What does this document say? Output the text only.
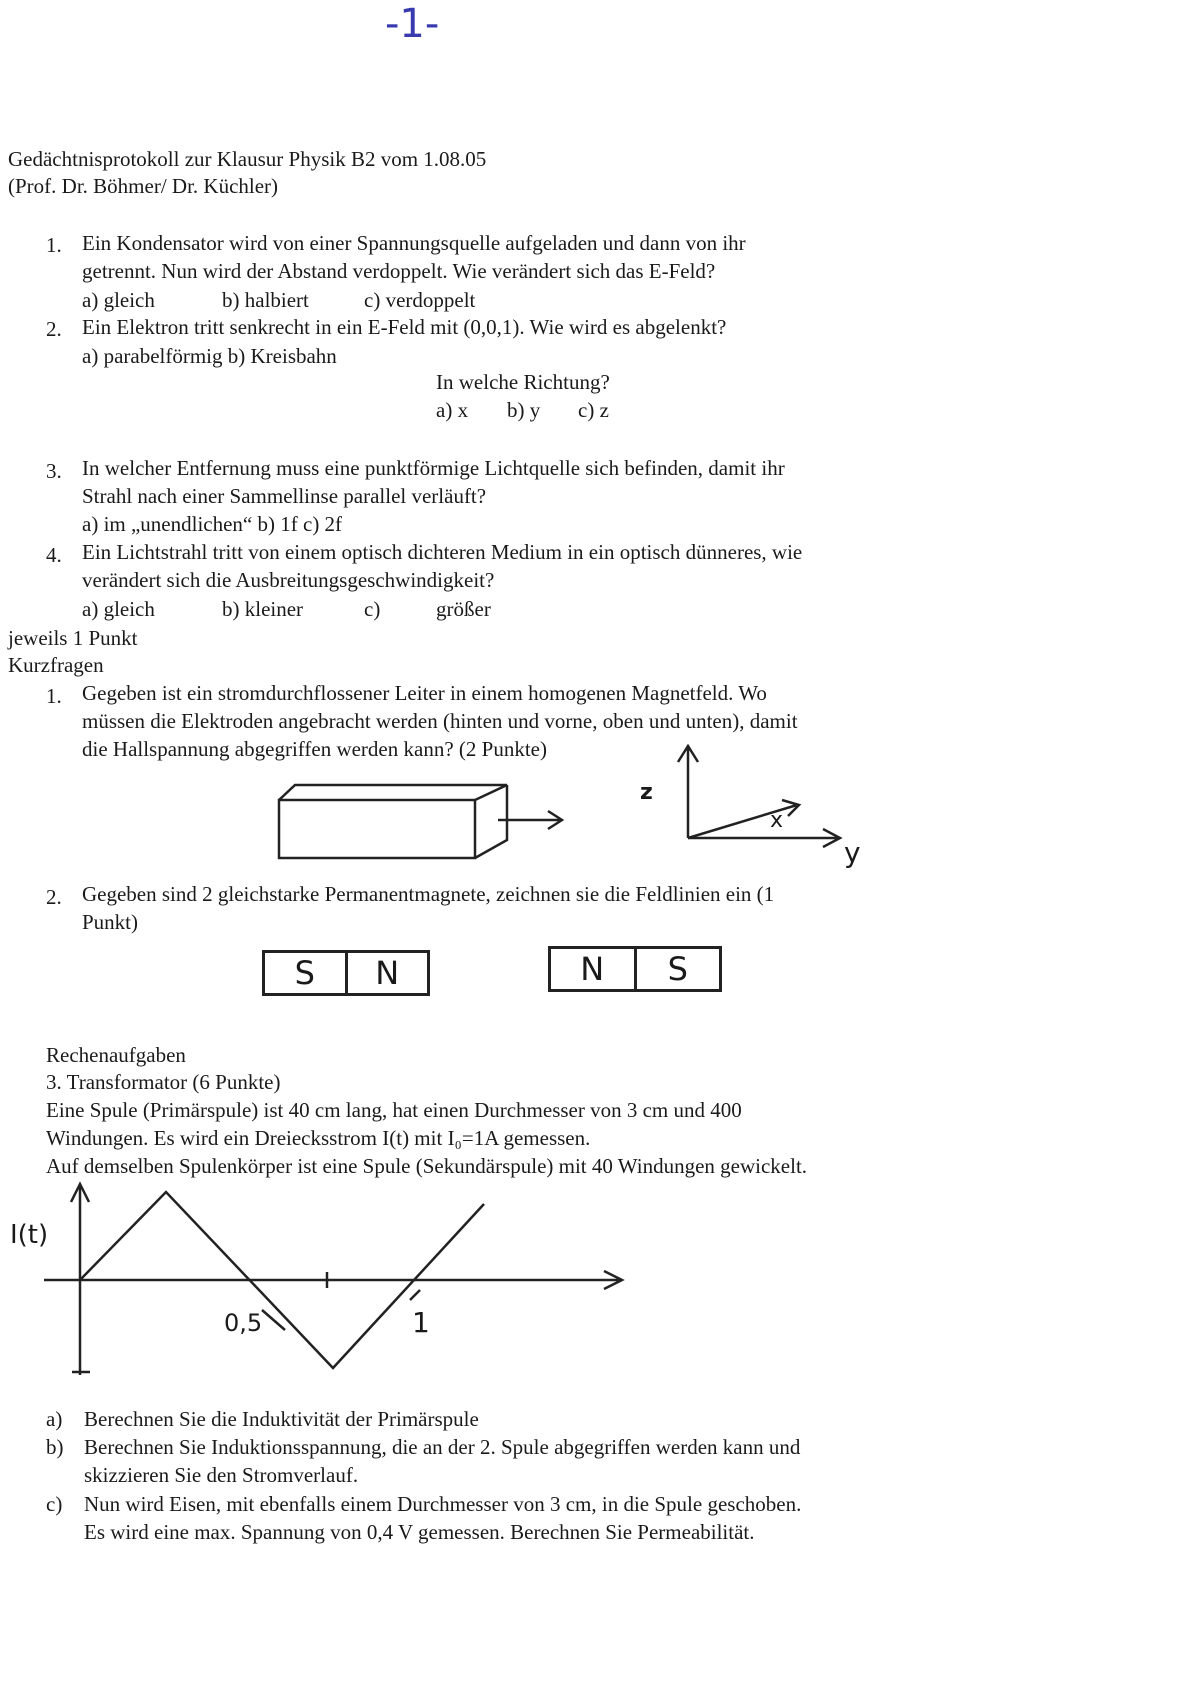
-1-
Gedächtnisprotokoll zur Klausur Physik B2 vom 1.08.05
(Prof. Dr. Böhmer/ Dr. Küchler)
1. Ein Kondensator wird von einer Spannungsquelle aufgeladen und dann von ihr
getrennt. Nun wird der Abstand verdoppelt. Wie verändert sich das E-Feld?
a) gleich	b) halbiert	c) verdoppelt
2. Ein Elektron tritt senkrecht in ein E-Feld mit (0,0,1). Wie wird es abgelenkt?
a) parabelförmig b) Kreisbahn
In welche Richtung?
a) x b) y c) z
3. In welcher Entfernung muss eine punktförmige Lichtquelle sich befinden, damit ihr
Strahl nach einer Sammellinse parallel verläuft?
a) im „unendlichen“ b) 1f c) 2f
4. Ein Lichtstrahl tritt von einem optisch dichteren Medium in ein optisch dünneres, wie
verändert sich die Ausbreitungsgeschwindigkeit?
a) gleich	b) kleiner	c)	größer
jeweils 1 Punkt
Kurzfragen
1. Gegeben ist ein stromdurchflossener Leiter in einem homogenen Magnetfeld. Wo
müssen die Elektroden angebracht werden (hinten und vorne, oben und unten), damit
die Hallspannung abgegriffen werden kann? (2 Punkte)
z
x
y
2. Gegeben sind 2 gleichstarke Permanentmagnete, zeichnen sie die Feldlinien ein (1
Punkt)
S	N	N	S
Rechenaufgaben
3. Transformator (6 Punkte)
Eine Spule (Primärspule) ist 40 cm lang, hat einen Durchmesser von 3 cm und 400
Windungen. Es wird ein Dreiecksstrom I(t) mit I₀=1A gemessen.
Auf demselben Spulenkörper ist eine Spule (Sekundärspule) mit 40 Windungen gewickelt.
I(t)
0,5	1
a) Berechnen Sie die Induktivität der Primärspule
b) Berechnen Sie Induktionsspannung, die an der 2. Spule abgegriffen werden kann und
skizzieren Sie den Stromverlauf.
c) Nun wird Eisen, mit ebenfalls einem Durchmesser von 3 cm, in die Spule geschoben.
Es wird eine max. Spannung von 0,4 V gemessen. Berechnen Sie Permeabilität.
